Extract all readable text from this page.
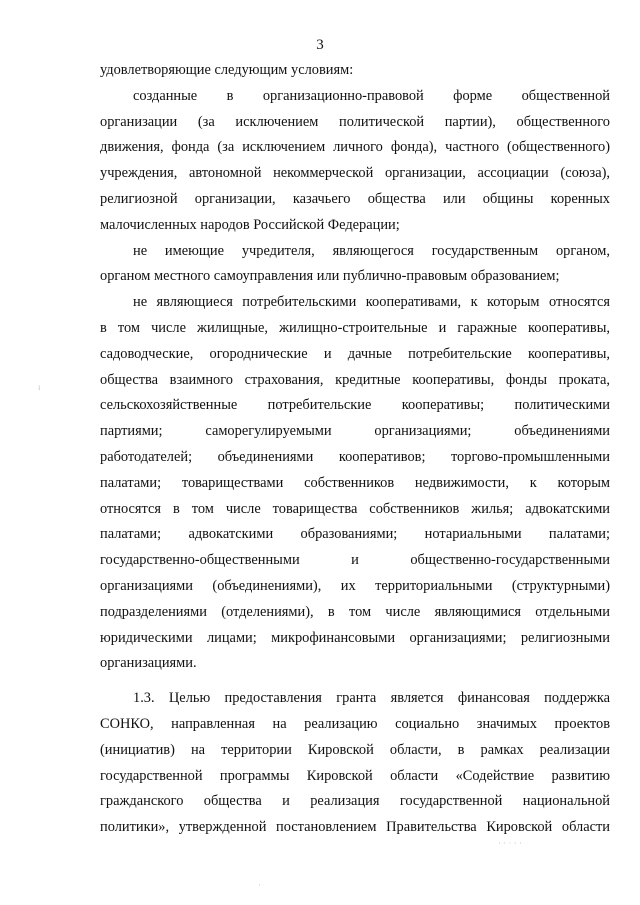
3
удовлетворяющие следующим условиям:
созданные в организационно-правовой форме общественной
организации (за исключением политической партии), общественного
движения, фонда (за исключением личного фонда), частного (общественного)
учреждения, автономной некоммерческой организации, ассоциации (союза),
религиозной организации, казачьего общества или общины коренных
малочисленных народов Российской Федерации;
не имеющие учредителя, являющегося государственным органом,
органом местного самоуправления или публично-правовым образованием;
не являющиеся потребительскими кооперативами, к которым относятся
в том числе жилищные, жилищно-строительные и гаражные кооперативы,
садоводческие, огороднические и дачные потребительские кооперативы,
общества взаимного страхования, кредитные кооперативы, фонды проката,
сельскохозяйственные потребительские кооперативы; политическими
партиями; саморегулируемыми организациями; объединениями
работодателей; объединениями кооперативов; торгово-промышленными
палатами; товариществами собственников недвижимости, к которым
относятся в том числе товарищества собственников жилья; адвокатскими
палатами; адвокатскими образованиями; нотариальными палатами;
государственно-общественными и общественно-государственными
организациями (объединениями), их территориальными (структурными)
подразделениями (отделениями), в том числе являющимися отдельными
юридическими лицами; микрофинансовыми организациями; религиозными
организациями.
1.3. Целью предоставления гранта является финансовая поддержка
СОНКО, направленная на реализацию социально значимых проектов
(инициатив) на территории Кировской области, в рамках реализации
государственной программы Кировской области «Содействие развитию
гражданского общества и реализация государственной национальной
политики», утвержденной постановлением Правительства Кировской области
ı
· · · · ·
·
